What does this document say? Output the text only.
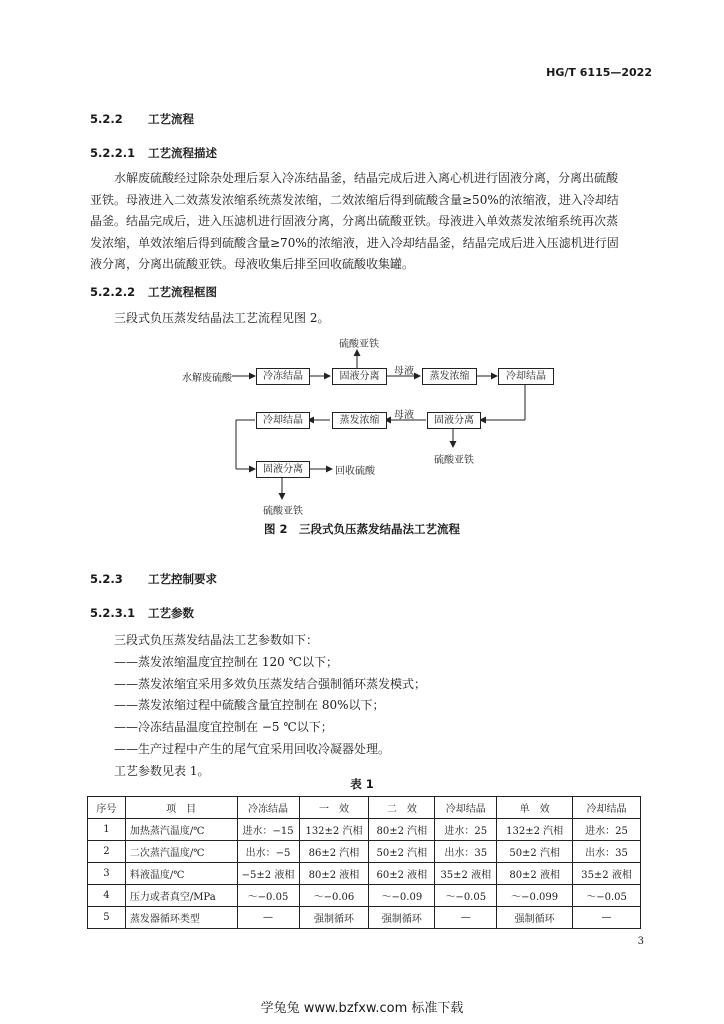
HG/T 6115—2022
5.2.2 工艺流程
5.2.2.1 工艺流程描述
水解废硫酸经过除杂处理后泵入冷冻结晶釜，结晶完成后进入离心机进行固液分离，分离出硫酸
亚铁。母液进入二效蒸发浓缩系统蒸发浓缩，二效浓缩后得到硫酸含量≥50%的浓缩液，进入冷却结
晶釜。结晶完成后，进入压滤机进行固液分离，分离出硫酸亚铁。母液进入单效蒸发浓缩系统再次蒸
发浓缩，单效浓缩后得到硫酸含量≥70%的浓缩液，进入冷却结晶釜，结晶完成后进入压滤机进行固
液分离，分离出硫酸亚铁。母液收集后排至回收硫酸收集罐。
5.2.2.2 工艺流程框图
三段式负压蒸发结晶法工艺流程见图 2。
水解废硫酸	冷冻结晶	固液分离	蒸发浓缩	冷却结晶
硫酸亚铁
母液
冷却结晶	蒸发浓缩	固液分离
母液
硫酸亚铁
固液分离	回收硫酸
硫酸亚铁
图 2　三段式负压蒸发结晶法工艺流程
5.2.3 工艺控制要求
5.2.3.1 工艺参数
三段式负压蒸发结晶法工艺参数如下：
——蒸发浓缩温度宜控制在 120 ℃以下；
——蒸发浓缩宜采用多效负压蒸发结合强制循环蒸发模式；
——蒸发浓缩过程中硫酸含量宜控制在 80%以下；
——冷冻结晶温度宜控制在 −5 ℃以下；
——生产过程中产生的尾气宜采用回收冷凝器处理。
工艺参数见表 1。
表 1
序号	项　目	冷冻结晶	一　效	二　效	冷却结晶	单　效	冷却结晶
1	加热蒸汽温度/℃	进水：−15	132±2 汽相	80±2 汽相	进水：25	132±2 汽相	进水：25
2	二次蒸汽温度/℃	出水：−5	86±2 汽相	50±2 汽相	出水：35	50±2 汽相	出水：35
3	料液温度/℃	−5±2 液相	80±2 液相	60±2 液相	35±2 液相	80±2 液相	35±2 液相
4	压力或者真空/MPa	～−0.05	～−0.06	～−0.09	～−0.05	～−0.099	～−0.05
5	蒸发器循环类型	—	强制循环	强制循环	—	强制循环	—
3
学兔兔 www.bzfxw.com 标准下载
